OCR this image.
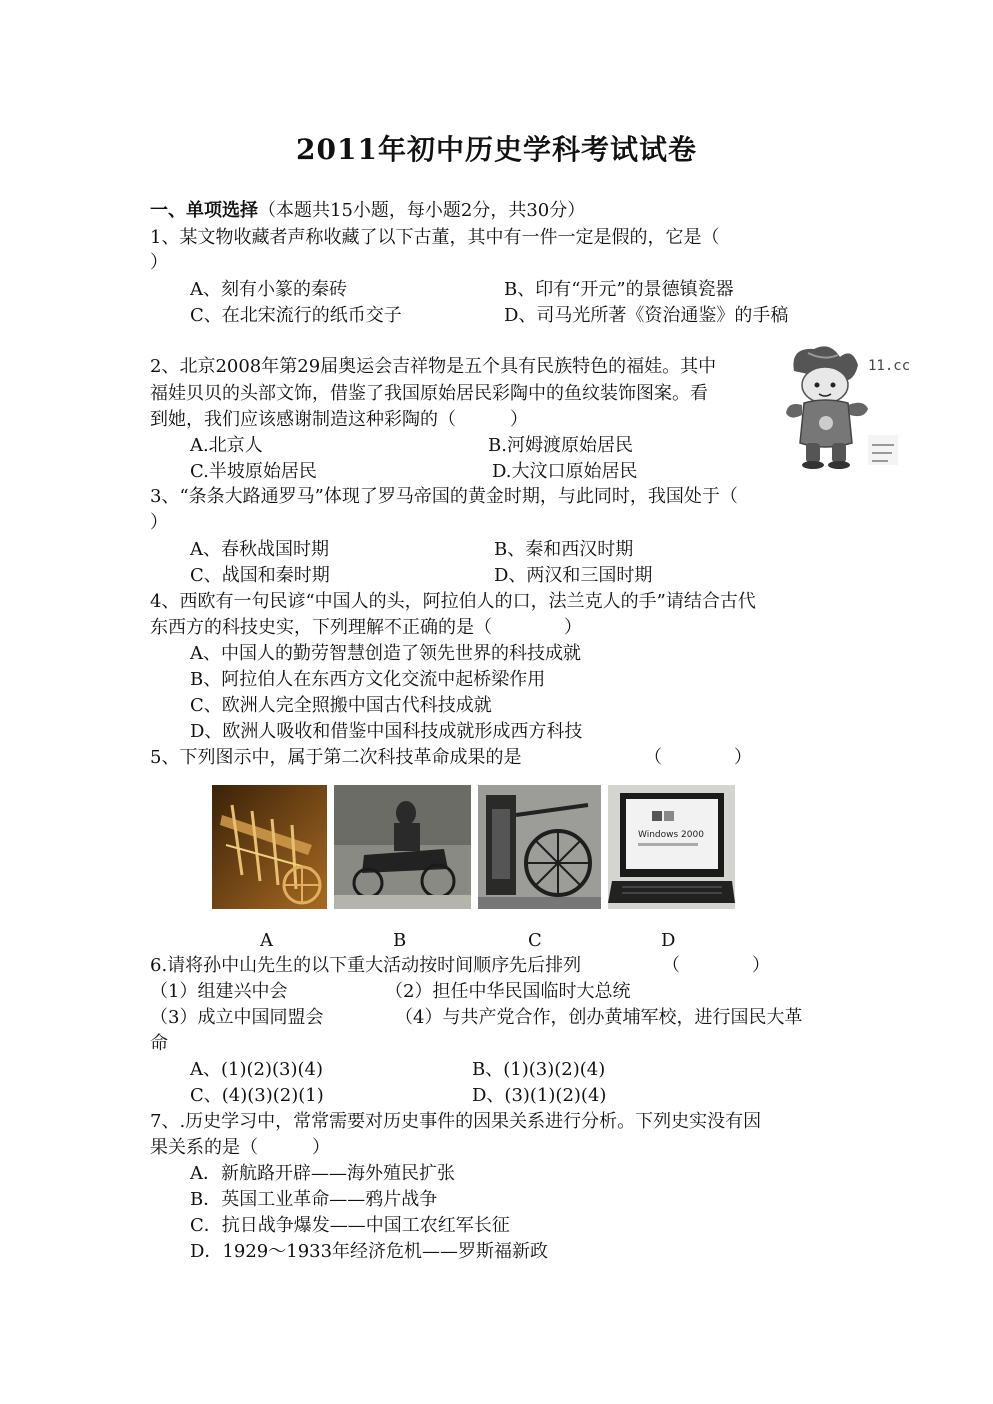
2011年初中历史学科考试试卷
一、单项选择（本题共15小题，每小题2分，共30分）
1、某文物收藏者声称收藏了以下古董，其中有一件一定是假的，它是（
）
A、刻有小篆的秦砖	B、印有“开元”的景德镇瓷器
C、在北宋流行的纸币交子	D、司马光所著《资治通鉴》的手稿
2、北京2008年第29届奥运会吉祥物是五个具有民族特色的福娃。其中
福娃贝贝的头部文饰，借鉴了我国原始居民彩陶中的鱼纹装饰图案。看
到她，我们应该感谢制造这种彩陶的（　　　）
A.北京人	B.河姆渡原始居民
C.半坡原始居民	D.大汶口原始居民
11.cc
3、“条条大路通罗马”体现了罗马帝国的黄金时期，与此同时，我国处于（
）
A、春秋战国时期	B、秦和西汉时期
C、战国和秦时期	D、两汉和三国时期
4、西欧有一句民谚“中国人的头，阿拉伯人的口，法兰克人的手”请结合古代
东西方的科技史实，下列理解不正确的是（　　　　）
A、中国人的勤劳智慧创造了领先世界的科技成就
B、阿拉伯人在东西方文化交流中起桥梁作用
C、欧洲人完全照搬中国古代科技成就
D、欧洲人吸收和借鉴中国科技成就形成西方科技
5、下列图示中，属于第二次科技革命成果的是	（　　　　）
Windows 2000
A	B	C	D
6.请将孙中山先生的以下重大活动按时间顺序先后排列	（　　　　）
（1）组建兴中会	（2）担任中华民国临时大总统
（3）成立中国同盟会	（4）与共产党合作，创办黄埔军校，进行国民大革
命
A、(1)(2)(3)(4)	B、(1)(3)(2)(4)
C、(4)(3)(2)(1)	D、(3)(1)(2)(4)
7、.历史学习中，常常需要对历史事件的因果关系进行分析。下列史实没有因
果关系的是（　　　）
A．新航路开辟——海外殖民扩张
B．英国工业革命——鸦片战争
C．抗日战争爆发——中国工农红军长征
D．1929～1933年经济危机——罗斯福新政
